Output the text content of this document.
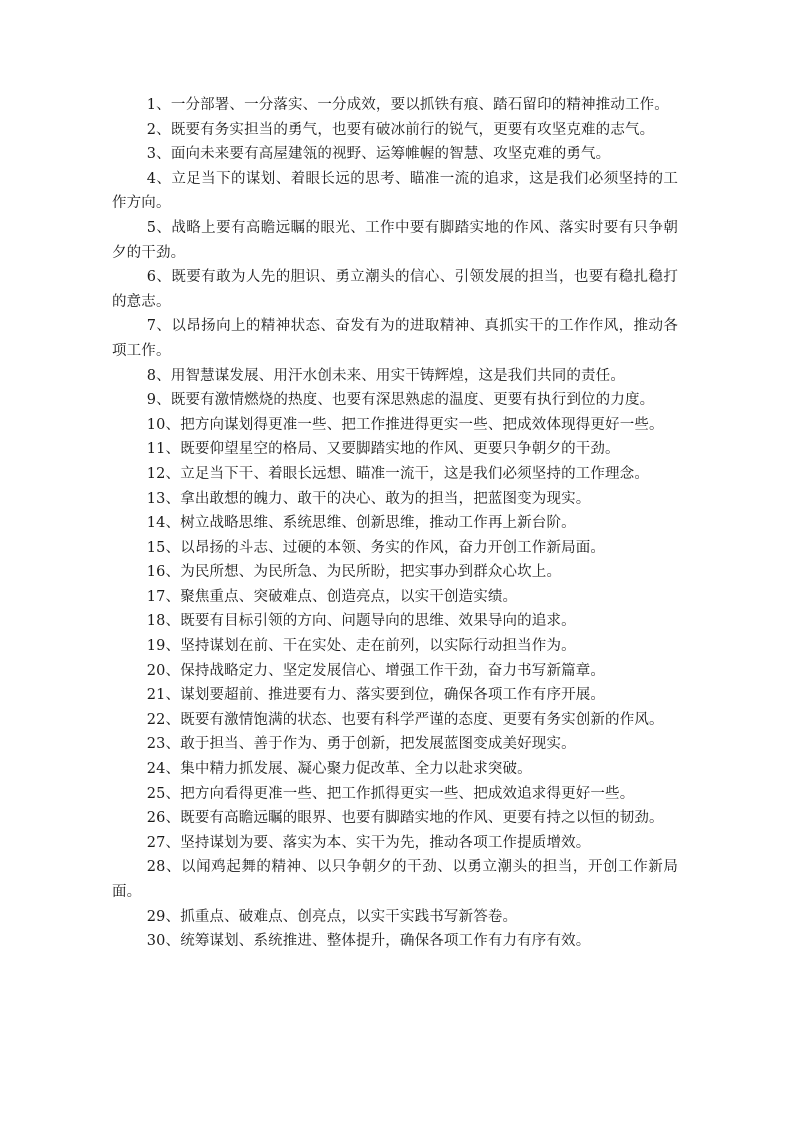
1、一分部署、一分落实、一分成效，要以抓铁有痕、踏石留印的精神推动工作。

2、既要有务实担当的勇气，也要有破冰前行的锐气，更要有攻坚克难的志气。

3、面向未来要有高屋建瓴的视野、运筹帷幄的智慧、攻坚克难的勇气。

4、立足当下的谋划、着眼长远的思考、瞄准一流的追求，这是我们必须坚持的工作方向。

5、战略上要有高瞻远瞩的眼光、工作中要有脚踏实地的作风、落实时要有只争朝夕的干劲。

6、既要有敢为人先的胆识、勇立潮头的信心、引领发展的担当，也要有稳扎稳打的意志。

7、以昂扬向上的精神状态、奋发有为的进取精神、真抓实干的工作作风，推动各项工作。

8、用智慧谋发展、用汗水创未来、用实干铸辉煌，这是我们共同的责任。

9、既要有激情燃烧的热度、也要有深思熟虑的温度、更要有执行到位的力度。

10、把方向谋划得更准一些、把工作推进得更实一些、把成效体现得更好一些。

11、既要仰望星空的格局、又要脚踏实地的作风、更要只争朝夕的干劲。

12、立足当下干、着眼长远想、瞄准一流干，这是我们必须坚持的工作理念。

13、拿出敢想的魄力、敢干的决心、敢为的担当，把蓝图变为现实。

14、树立战略思维、系统思维、创新思维，推动工作再上新台阶。

15、以昂扬的斗志、过硬的本领、务实的作风，奋力开创工作新局面。

16、为民所想、为民所急、为民所盼，把实事办到群众心坎上。

17、聚焦重点、突破难点、创造亮点，以实干创造实绩。

18、既要有目标引领的方向、问题导向的思维、效果导向的追求。

19、坚持谋划在前、干在实处、走在前列，以实际行动担当作为。

20、保持战略定力、坚定发展信心、增强工作干劲，奋力书写新篇章。

21、谋划要超前、推进要有力、落实要到位，确保各项工作有序开展。

22、既要有激情饱满的状态、也要有科学严谨的态度、更要有务实创新的作风。

23、敢于担当、善于作为、勇于创新，把发展蓝图变成美好现实。

24、集中精力抓发展、凝心聚力促改革、全力以赴求突破。

25、把方向看得更准一些、把工作抓得更实一些、把成效追求得更好一些。

26、既要有高瞻远瞩的眼界、也要有脚踏实地的作风、更要有持之以恒的韧劲。

27、坚持谋划为要、落实为本、实干为先，推动各项工作提质增效。

28、以闻鸡起舞的精神、以只争朝夕的干劲、以勇立潮头的担当，开创工作新局面。

29、抓重点、破难点、创亮点，以实干实践书写新答卷。

30、统筹谋划、系统推进、整体提升，确保各项工作有力有序有效。
